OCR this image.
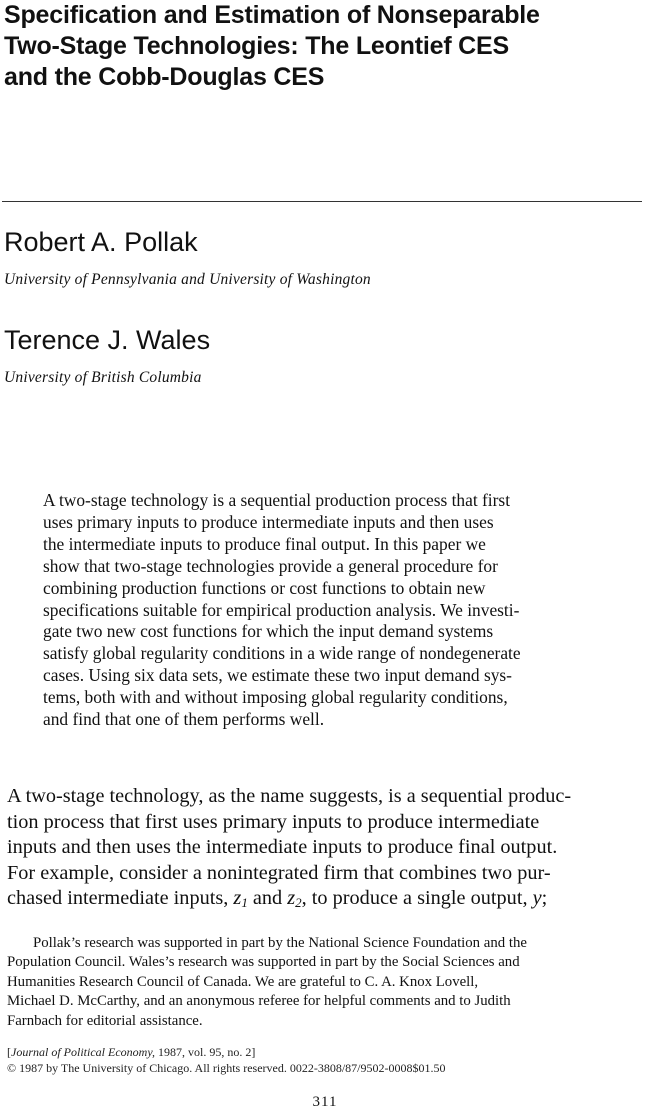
Specification and Estimation of Nonseparable
Two-Stage Technologies: The Leontief CES
and the Cobb-Douglas CES
Robert A. Pollak

University of Pennsylvania and University of Washington

Terence J. Wales

University of British Columbia

A two-stage technology is a sequential production process that first
uses primary inputs to produce intermediate inputs and then uses
the intermediate inputs to produce final output. In this paper we
show that two-stage technologies provide a general procedure for
combining production functions or cost functions to obtain new
specifications suitable for empirical production analysis. We investi-
gate two new cost functions for which the input demand systems
satisfy global regularity conditions in a wide range of nondegenerate
cases. Using six data sets, we estimate these two input demand sys-
tems, both with and without imposing global regularity conditions,
and find that one of them performs well.
A two-stage technology, as the name suggests, is a sequential produc-
tion process that first uses primary inputs to produce intermediate
inputs and then uses the intermediate inputs to produce final output.
For example, consider a nonintegrated firm that combines two pur-
chased intermediate inputs, $z_1$ and $z_2$, to produce a single output, y;
Pollak’s research was supported in part by the National Science Foundation and the
Population Council. Wales’s research was supported in part by the Social Sciences and
Humanities Research Council of Canada. We are grateful to C. A. Knox Lovell,
Michael D. McCarthy, and an anonymous referee for helpful comments and to Judith
Farnbach for editorial assistance.
[Journal of Political Economy, 1987, vol. 95, no. 2]
© 1987 by The University of Chicago. All rights reserved. 0022-3808/87/9502-0008$01.50

311
